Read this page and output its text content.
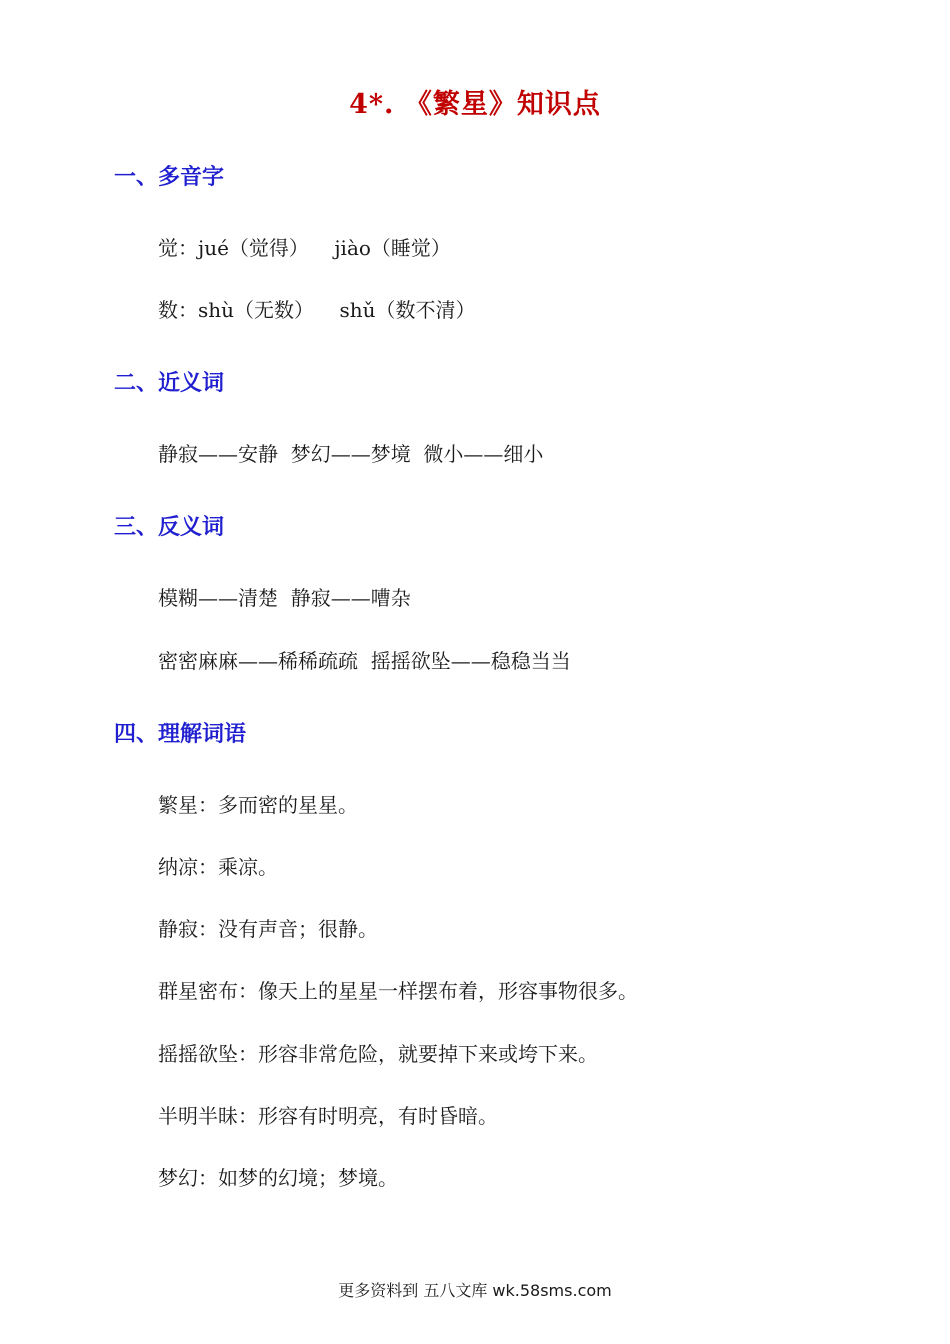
4*. 《繁星》知识点
一、多音字
觉：jué（觉得）    jiào（睡觉）
数：shù（无数）    shǔ（数不清）
二、近义词
静寂——安静  梦幻——梦境  微小——细小
三、反义词
模糊——清楚  静寂——嘈杂
密密麻麻——稀稀疏疏  摇摇欲坠——稳稳当当
四、理解词语
繁星：多而密的星星。
纳凉：乘凉。
静寂：没有声音；很静。
群星密布：像天上的星星一样摆布着，形容事物很多。
摇摇欲坠：形容非常危险，就要掉下来或垮下来。
半明半昧：形容有时明亮，有时昏暗。
梦幻：如梦的幻境；梦境。
更多资料到 五八文库 wk.58sms.com
